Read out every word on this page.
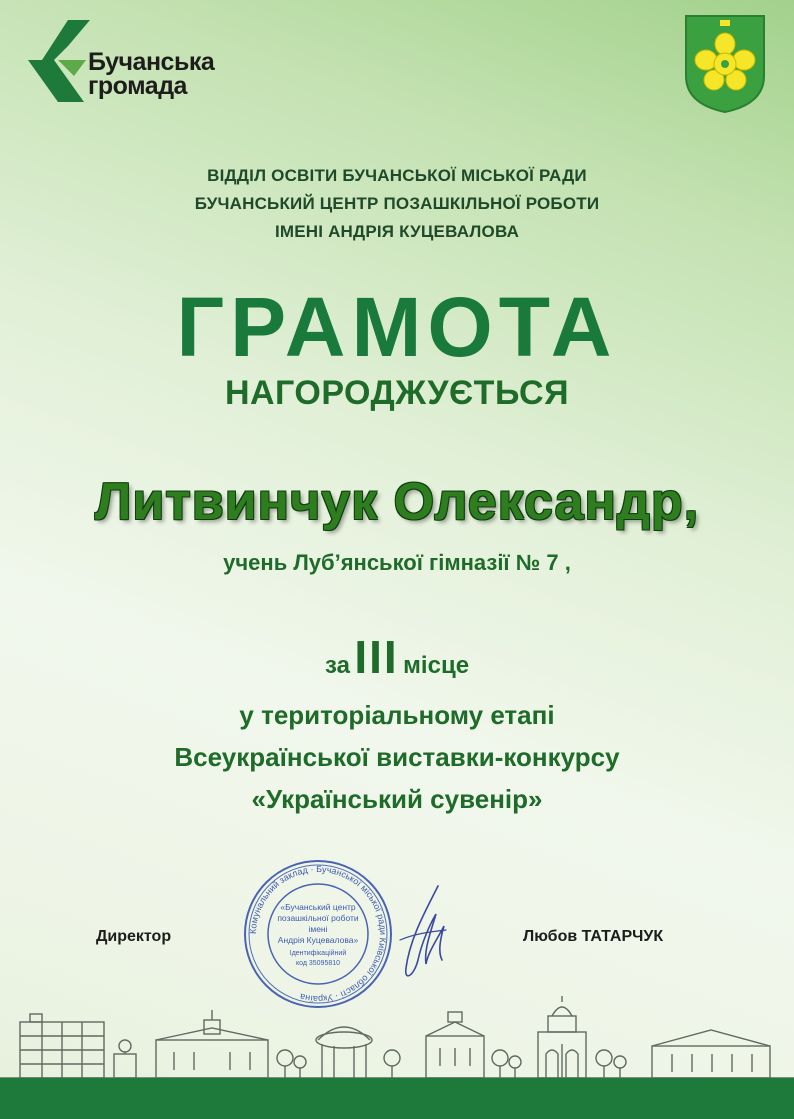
Бучанська
громада
ВІДДІЛ ОСВІТИ БУЧАНСЬКОЇ МІСЬКОЇ РАДИ
БУЧАНСЬКИЙ ЦЕНТР ПОЗАШКІЛЬНОЇ РОБОТИ
ІМЕНІ АНДРІЯ КУЦЕВАЛОВА
ГРАМОТА
НАГОРОДЖУЄТЬСЯ
Литвинчук Олександр,
учень Луб’янської гімназії № 7 ,
за ІІІ місце
у територіальному етапі
Всеукраїнської виставки-конкурсу
«Український сувенір»
Директор	Любов ТАТАРЧУК
Комунальний заклад · Бучанської міської ради Київської області · Україна
«Бучанський центр
позашкільної роботи
імені
Андрія Куцевалова»
Ідентифікаційний
код 35095810
